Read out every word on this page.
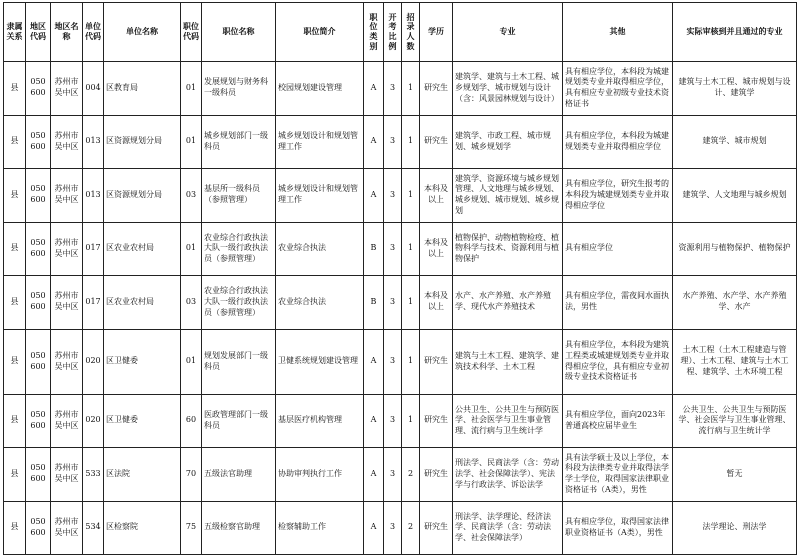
隶属关系	地区代码	地区名称	单位代码	单位名称	职位代码	职位名称	职位简介	职位类别	开考比例	招录人数	学历	专业	其他	实际审核到并且通过的专业
县	050600	苏州市吴中区	004	区教育局	01	发展规划与财务科一级科员	校园规划建设管理	A	3	1	研究生	建筑学、建筑与土木工程、城乡规划学、城市规划与设计（含：风景园林规划与设计）	具有相应学位，本科段为城建规划类专业并取得相应学位，具有相应专业初级专业技术资格证书	建筑与土木工程、城市规划与设计、建筑学
县	050600	苏州市吴中区	013	区资源规划分局	01	城乡规划部门一级科员	城乡规划设计和规划管理工作	A	3	1	研究生	建筑学、市政工程、城市规划、城乡规划学	具有相应学位，本科段为城建规划类专业并取得相应学位	建筑学、城市规划
县	050600	苏州市吴中区	013	区资源规划分局	03	基层所一级科员（参照管理）	城乡规划设计和规划管理工作	A	3	1	本科及以上	建筑学、资源环境与城乡规划管理、人文地理与城乡规划、城乡规划、城市规划、城乡规划	具有相应学位，研究生报考的本科段为城建规划类专业并取得相应学位	建筑学、人文地理与城乡规划
县	050600	苏州市吴中区	017	区农业农村局	01	农业综合行政执法大队一级行政执法员（参照管理）	农业综合执法	B	3	1	本科及以上	植物保护、动物植物检疫、植物科学与技术、资源利用与植物保护	具有相应学位	资源利用与植物保护、植物保护
县	050600	苏州市吴中区	017	区农业农村局	03	农业综合行政执法大队一级行政执法员（参照管理）	农业综合执法	B	3	1	本科及以上	水产、水产养殖、水产养殖学、现代水产养殖技术	具有相应学位，需夜间水面执法，男性	水产养殖、水产学、水产养殖学、水产
县	050600	苏州市吴中区	020	区卫健委	01	规划发展部门一级科员	卫健系统规划建设管理	A	3	1	研究生	建筑与土木工程、建筑学、建筑技术科学、土木工程	具有相应学位，本科段为建筑工程类或城建规划类专业并取得相应学位，具有相应专业初级专业技术资格证书	土木工程（土木工程建造与管理）、土木工程、建筑与土木工程、建筑学、土木环境工程
县	050600	苏州市吴中区	020	区卫健委	60	医政管理部门一级科员	基层医疗机构管理	A	3	1	研究生	公共卫生、公共卫生与预防医学、社会医学与卫生事业管理、流行病与卫生统计学	具有相应学位，面向2023年普通高校应届毕业生	公共卫生、公共卫生与预防医学、社会医学与卫生事业管理、流行病与卫生统计学
县	050600	苏州市吴中区	533	区法院	70	五级法官助理	协助审判执行工作	A	3	2	研究生	刑法学、民商法学（含：劳动法学、社会保障法学）、宪法学与行政法学、诉讼法学	具有法学硕士及以上学位，本科段为法律类专业并取得法学学士学位，取得国家法律职业资格证书（A类），男性	暂无
县	050600	苏州市吴中区	534	区检察院	75	五级检察官助理	检察辅助工作	A	3	2	研究生	刑法学、法学理论、经济法学、民商法学（含：劳动法学、社会保障法学）	具有相应学位，取得国家法律职业资格证书（A类），男性	法学理论、刑法学
